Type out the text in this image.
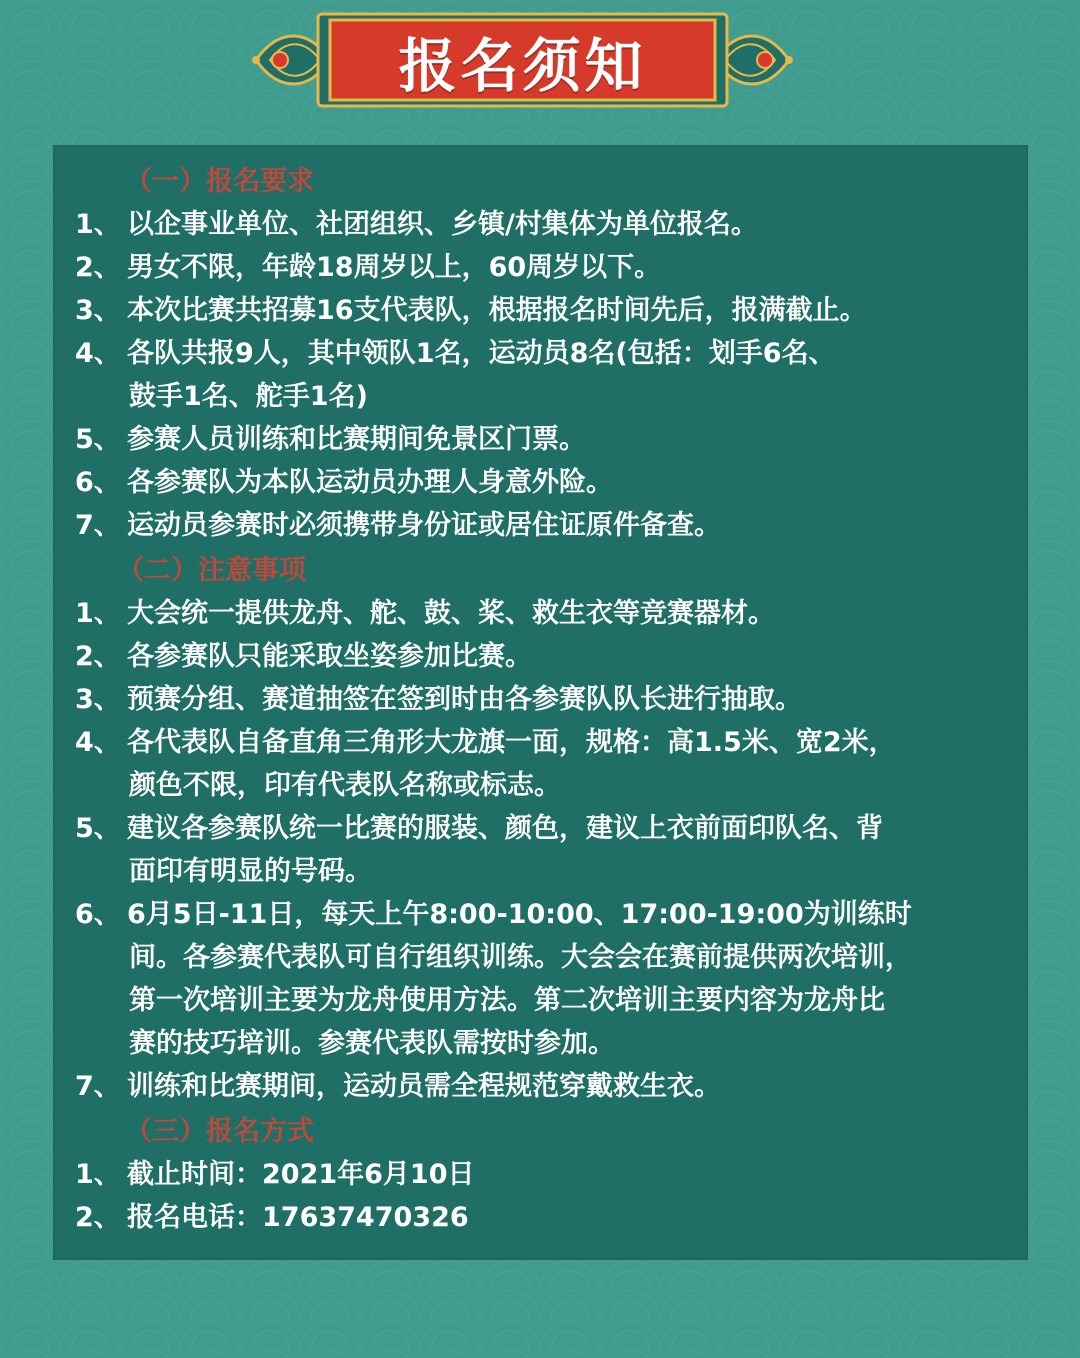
报名须知
（一）报名要求
1、 以企事业单位、社团组织、乡镇/村集体为单位报名。
2、 男女不限，年龄18周岁以上，60周岁以下。
3、 本次比赛共招募16支代表队，根据报名时间先后，报满截止。
4、 各队共报9人，其中领队1名，运动员8名(包括：划手6名、
鼓手1名、舵手1名)
5、 参赛人员训练和比赛期间免景区门票。
6、 各参赛队为本队运动员办理人身意外险。
7、 运动员参赛时必须携带身份证或居住证原件备查。
（二）注意事项
1、 大会统一提供龙舟、舵、鼓、桨、救生衣等竞赛器材。
2、 各参赛队只能采取坐姿参加比赛。
3、 预赛分组、赛道抽签在签到时由各参赛队队长进行抽取。
4、 各代表队自备直角三角形大龙旗一面，规格：高1.5米、宽2米，
颜色不限，印有代表队名称或标志。
5、 建议各参赛队统一比赛的服装、颜色，建议上衣前面印队名、背
面印有明显的号码。
6、 6月5日-11日，每天上午8:00-10:00、17:00-19:00为训练时
间。各参赛代表队可自行组织训练。大会会在赛前提供两次培训，
第一次培训主要为龙舟使用方法。第二次培训主要内容为龙舟比
赛的技巧培训。参赛代表队需按时参加。
7、 训练和比赛期间，运动员需全程规范穿戴救生衣。
（三）报名方式
1、 截止时间：2021年6月10日
2、 报名电话：17637470326
